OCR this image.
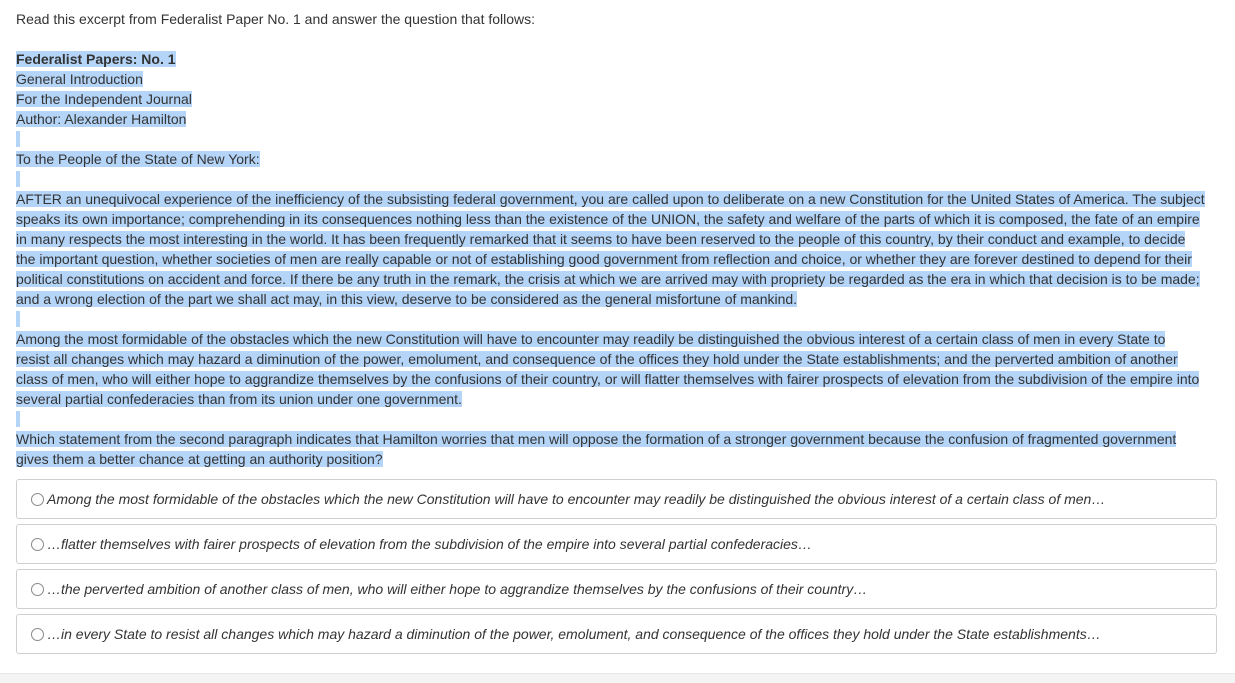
Read this excerpt from Federalist Paper No. 1 and answer the question that follows:
Federalist Papers: No. 1
General Introduction
For the Independent Journal
Author: Alexander Hamilton

To the People of the State of New York:

AFTER an unequivocal experience of the inefficiency of the subsisting federal government, you are called upon to deliberate on a new Constitution for the United States of America. The subject
speaks its own importance; comprehending in its consequences nothing less than the existence of the UNION, the safety and welfare of the parts of which it is composed, the fate of an empire
in many respects the most interesting in the world. It has been frequently remarked that it seems to have been reserved to the people of this country, by their conduct and example, to decide
the important question, whether societies of men are really capable or not of establishing good government from reflection and choice, or whether they are forever destined to depend for their
political constitutions on accident and force. If there be any truth in the remark, the crisis at which we are arrived may with propriety be regarded as the era in which that decision is to be made;
and a wrong election of the part we shall act may, in this view, deserve to be considered as the general misfortune of mankind.

Among the most formidable of the obstacles which the new Constitution will have to encounter may readily be distinguished the obvious interest of a certain class of men in every State to
resist all changes which may hazard a diminution of the power, emolument, and consequence of the offices they hold under the State establishments; and the perverted ambition of another
class of men, who will either hope to aggrandize themselves by the confusions of their country, or will flatter themselves with fairer prospects of elevation from the subdivision of the empire into
several partial confederacies than from its union under one government.

Which statement from the second paragraph indicates that Hamilton worries that men will oppose the formation of a stronger government because the confusion of fragmented government
gives them a better chance at getting an authority position?
Among the most formidable of the obstacles which the new Constitution will have to encounter may readily be distinguished the obvious interest of a certain class of men…
…flatter themselves with fairer prospects of elevation from the subdivision of the empire into several partial confederacies…
…the perverted ambition of another class of men, who will either hope to aggrandize themselves by the confusions of their country…
…in every State to resist all changes which may hazard a diminution of the power, emolument, and consequence of the offices they hold under the State establishments…
